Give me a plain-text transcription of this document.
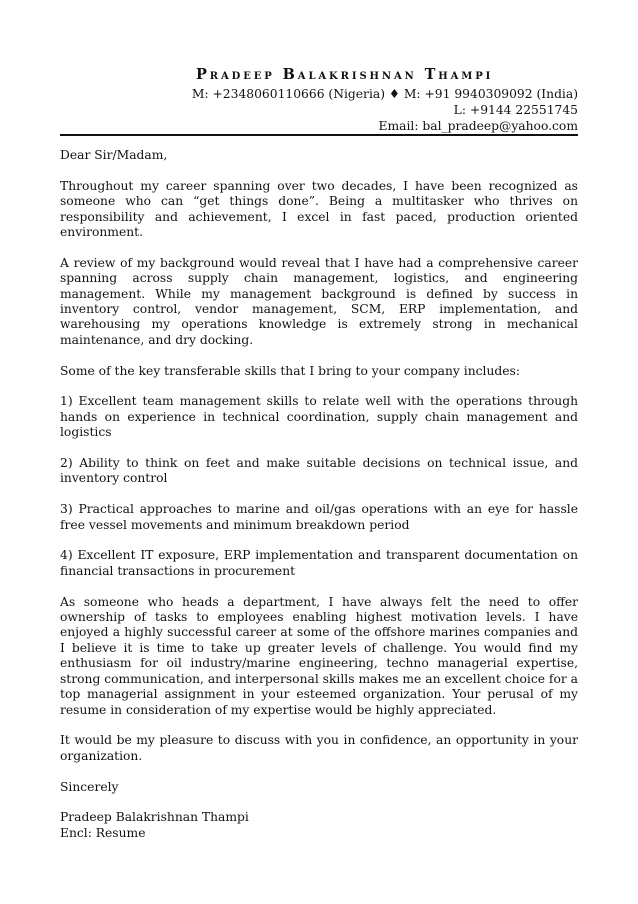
Pradeep Balakrishnan Thampi
M: +2348060110666 (Nigeria) ♦ M: +91 9940309092 (India)
L: +9144 22551745
Email: bal_pradeep@yahoo.com

Dear Sir/Madam,

Throughout my career spanning over two decades, I have been recognized as someone who can “get things done”. Being a multitasker who thrives on responsibility and achievement, I excel in fast paced, production oriented environment.

A review of my background would reveal that I have had a comprehensive career spanning across supply chain management, logistics, and engineering management. While my management background is defined by success in inventory control, vendor management, SCM, ERP implementation, and warehousing my operations knowledge is extremely strong in mechanical maintenance, and dry docking.

Some of the key transferable skills that I bring to your company includes:

1) Excellent team management skills to relate well with the operations through hands on experience in technical coordination, supply chain management and logistics

2) Ability to think on feet and make suitable decisions on technical issue, and inventory control

3) Practical approaches to marine and oil/gas operations with an eye for hassle free vessel movements and minimum breakdown period

4) Excellent IT exposure, ERP implementation and transparent documentation on financial transactions in procurement

As someone who heads a department, I have always felt the need to offer ownership of tasks to employees enabling highest motivation levels. I have enjoyed a highly successful career at some of the offshore marines companies and I believe it is time to take up greater levels of challenge. You would find my enthusiasm for oil industry/marine engineering, techno managerial expertise, strong communication, and interpersonal skills makes me an excellent choice for a top managerial assignment in your esteemed organization. Your perusal of my resume in consideration of my expertise would be highly appreciated.

It would be my pleasure to discuss with you in confidence, an opportunity in your organization.

Sincerely

Pradeep Balakrishnan Thampi
Encl: Resume
